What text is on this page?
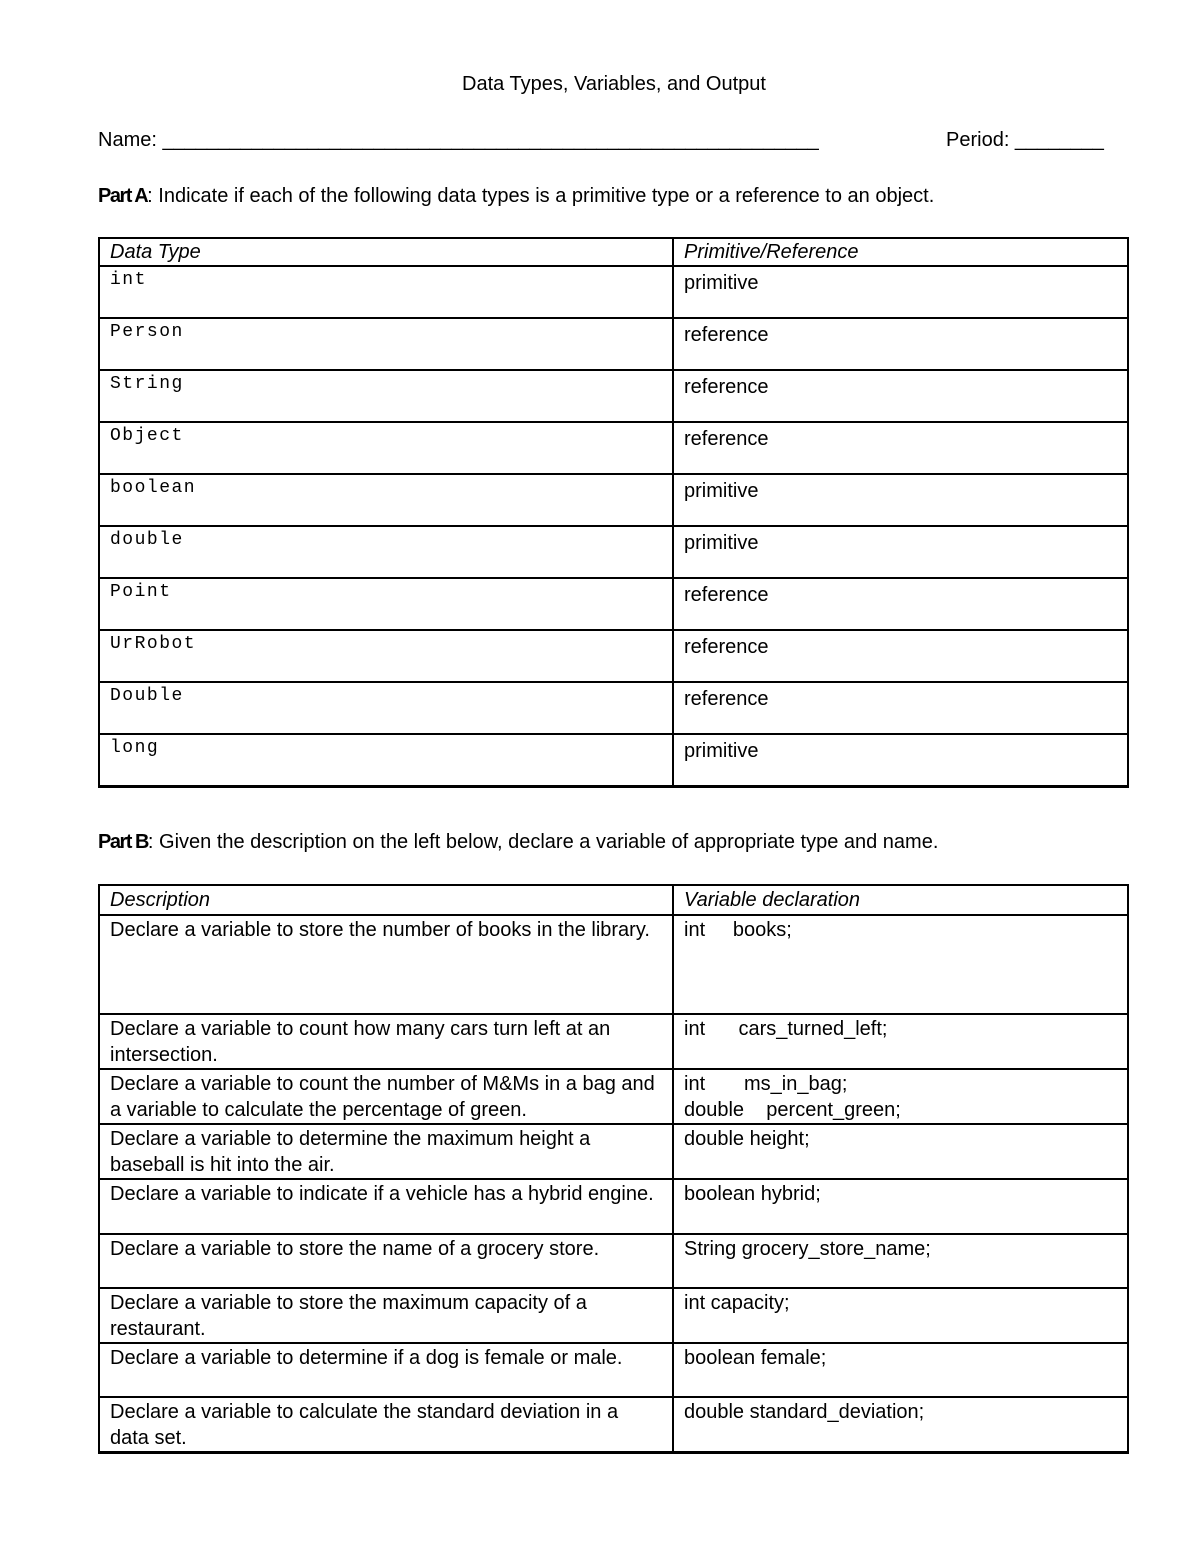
Data Types, Variables, and Output
Name: ___________________________________________________________	Period: ________
Part A: Indicate if each of the following data types is a primitive type or a reference to an object.
Data Type	Primitive/Reference
int	primitive
Person	reference
String	reference
Object	reference
boolean	primitive
double	primitive
Point	reference
UrRobot	reference
Double	reference
long	primitive
Part B: Given the description on the left below, declare a variable of appropriate type and name.
Description	Variable declaration
Declare a variable to store the number of books in the library.	int     books;
Declare a variable to count how many cars turn left at an intersection.	int      cars_turned_left;
Declare a variable to count the number of M&Ms in a bag and a variable to calculate the percentage of green.	int       ms_in_bag;
double    percent_green;
Declare a variable to determine the maximum height a baseball is hit into the air.	double height;
Declare a variable to indicate if a vehicle has a hybrid engine.	boolean hybrid;
Declare a variable to store the name of a grocery store.	String grocery_store_name;
Declare a variable to store the maximum capacity of a restaurant.	int capacity;
Declare a variable to determine if a dog is female or male.	boolean female;
Declare a variable to calculate the standard deviation in a data set.	double standard_deviation;
